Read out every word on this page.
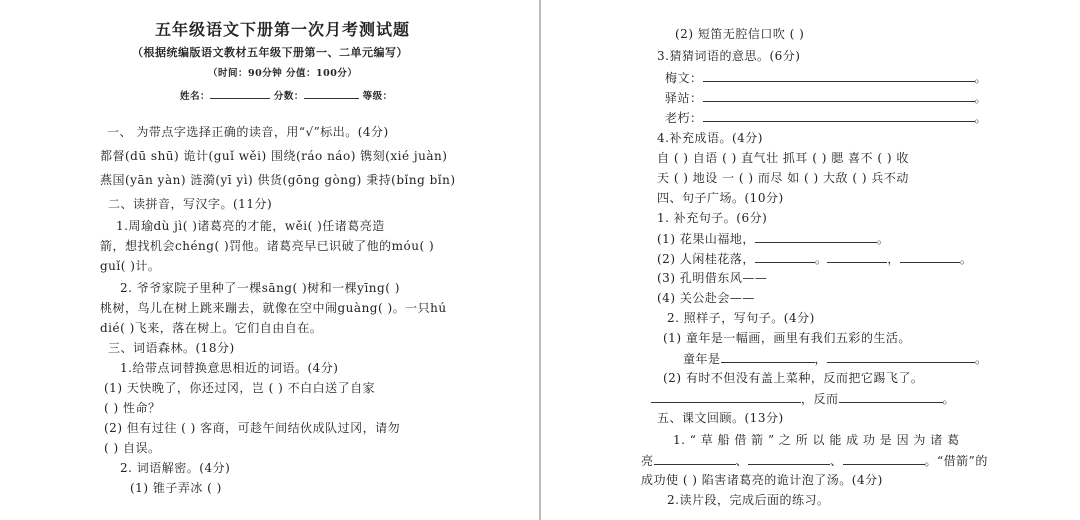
五年级语文下册第一次月考测试题
（根据统编版语文教材五年级下册第一、二单元编写）
（时间：90分钟 分值：100分）
姓名：	分数：	等级：
一、 为带点字选择正确的读音，用“√”标出。(4分)
都督(dū shū) 诡计(guǐ wěi) 围绕(ráo náo) 镌刻(xié juàn)
燕国(yān yàn) 涟漪(yī yì) 供货(gōng gòng) 秉持(bǐng bǐn)
二、读拼音，写汉字。(11分)
1.周瑜dù jì( )诸葛亮的才能，wěi( )任诸葛亮造
箭，想找机会chéng( )罚他。诸葛亮早已识破了他的móu( )
guǐ( )计。
2. 爷爷家院子里种了一棵sāng( )树和一棵yīng( )
桃树，鸟儿在树上跳来蹦去，就像在空中闹guàng( )。一只hú
dié( )飞来，落在树上。它们自由自在。
三、词语森林。(18分)
1.给带点词替换意思相近的词语。(4分)
(1) 天快晚了，你还过冈，岂 ( ) 不白白送了自家
( ) 性命？
(2) 但有过往 ( ) 客商，可趁午间结伙成队过冈，请勿
( ) 自误。
2. 词语解密。(4分)
(1) 锥子弄冰 ( )
(2) 短笛无腔信口吹 ( )
3.猜猜词语的意思。(6分)
梅文：	。
驿站：	。
老朽：	。
4.补充成语。(4分)
自 ( ) 自语 ( ) 直气壮 抓耳 ( ) 腮 喜不 ( ) 收
天 ( ) 地设 一 ( ) 而尽 如 ( ) 大敌 ( ) 兵不动
四、句子广场。(10分)
1. 补充句子。(6分)
(1) 花果山福地，	。
(2) 人闲桂花落，	。	，	。
(3) 孔明借东风——
(4) 关公赴会——
2. 照样子，写句子。(4分)
(1) 童年是一幅画，画里有我们五彩的生活。
童年是	，	。
(2) 有时不但没有盖上菜种，反而把它踢飞了。
，反而	。
五、课文回顾。(13分)
1. “ 草 船 借 箭 ” 之 所 以 能 成 功 是 因 为 诸 葛
亮	、	、	。“借箭”的
成功使 ( ) 陷害诸葛亮的诡计泡了汤。(4分)
2.读片段，完成后面的练习。
